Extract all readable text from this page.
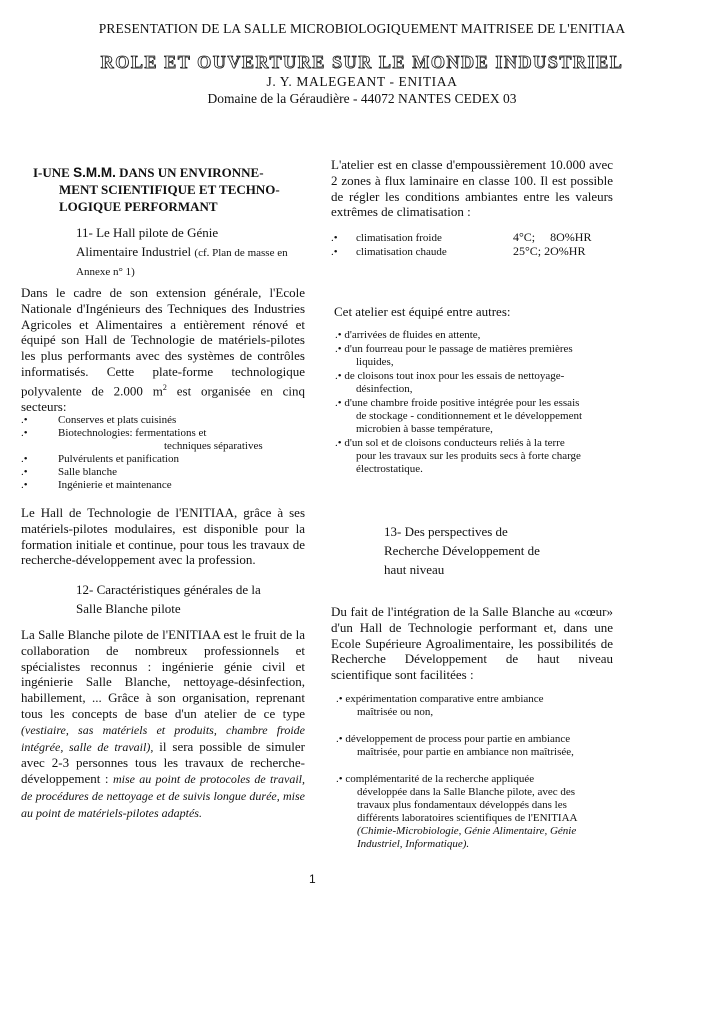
PRESENTATION DE LA SALLE MICROBIOLOGIQUEMENT MAITRISEE DE L'ENITIAA
ROLE ET OUVERTURE SUR LE MONDE INDUSTRIEL
J. Y. MALEGEANT - ENITIAA
Domaine de la Géraudière - 44072 NANTES CEDEX 03
I-UNE S.M.M. DANS UN ENVIRONNE-
MENT SCIENTIFIQUE ET TECHNO-
LOGIQUE PERFORMANT
11- Le Hall pilote de Génie
Alimentaire Industriel (cf. Plan de masse en
Annexe n° 1)
Dans le cadre de son extension générale, l'Ecole Nationale d'Ingénieurs des Techniques des Industries Agricoles et Alimentaires a entièrement rénové et équipé son Hall de Technologie de matériels-pilotes les plus performants avec des systèmes de contrôles informatisés. Cette plate-forme technologique polyvalente de 2.000 $m^2$ est organisée en cinq secteurs:
.•	Conserves et plats cuisinés
.•	Biotechnologies: fermentations et
techniques séparatives
.•	Pulvérulents et panification
.•	Salle blanche
.•	Ingénierie et maintenance
Le Hall de Technologie de l'ENITIAA, grâce à ses matériels-pilotes modulaires, est disponible pour la formation initiale et continue, pour tous les travaux de recherche-développement avec la profession.
12- Caractéristiques générales de la
Salle Blanche pilote
La Salle Blanche pilote de l'ENITIAA est le fruit de la collaboration de nombreux professionnels et spécialistes reconnus : ingénierie génie civil et ingénierie Salle Blanche, nettoyage-désinfection, habillement, ... Grâce à son organisation, reprenant tous les concepts de base d'un atelier de ce type (vestiaire, sas matériels et produits, chambre froide intégrée, salle de travail), il sera possible de simuler avec 2-3 personnes tous les travaux de recherche-développement : mise au point de protocoles de travail, de procédures de nettoyage et de suivis longue durée, mise au point de matériels-pilotes adaptés.
L'atelier est en classe d'empoussièrement 10.000 avec 2 zones à flux laminaire en classe 100. Il est possible de régler les conditions ambiantes entre les valeurs extrêmes de climatisation :
.• climatisation froide	4°C;     8O%HR
.• climatisation chaude	25°C; 2O%HR
Cet atelier est équipé entre autres:
.• d'arrivées de fluides en attente,
.• d'un fourreau pour le passage de matières premières
liquides,
.• de cloisons tout inox pour les essais de nettoyage-
désinfection,
.• d'une chambre froide positive intégrée pour les essais
de stockage - conditionnement et le développement
microbien à basse température,
.• d'un sol et de cloisons conducteurs reliés à la terre
pour les travaux sur les produits secs à forte charge
électrostatique.
13- Des perspectives de
Recherche Développement de
haut niveau
Du fait de l'intégration de la Salle Blanche au «cœur» d'un Hall de Technologie performant et, dans une Ecole Supérieure Agroalimentaire, les possibilités de Recherche Développement de haut niveau scientifique sont facilitées :
.• expérimentation comparative entre ambiance
maîtrisée ou non,
.• développement de process pour partie en ambiance
maîtrisée, pour partie en ambiance non maîtrisée,
.• complémentarité de la recherche appliquée
développée dans la Salle Blanche pilote, avec des
travaux plus fondamentaux développés dans les
différents laboratoires scientifiques de l'ENITIAA
(Chimie-Microbiologie, Génie Alimentaire, Génie
Industriel, Informatique).
1
